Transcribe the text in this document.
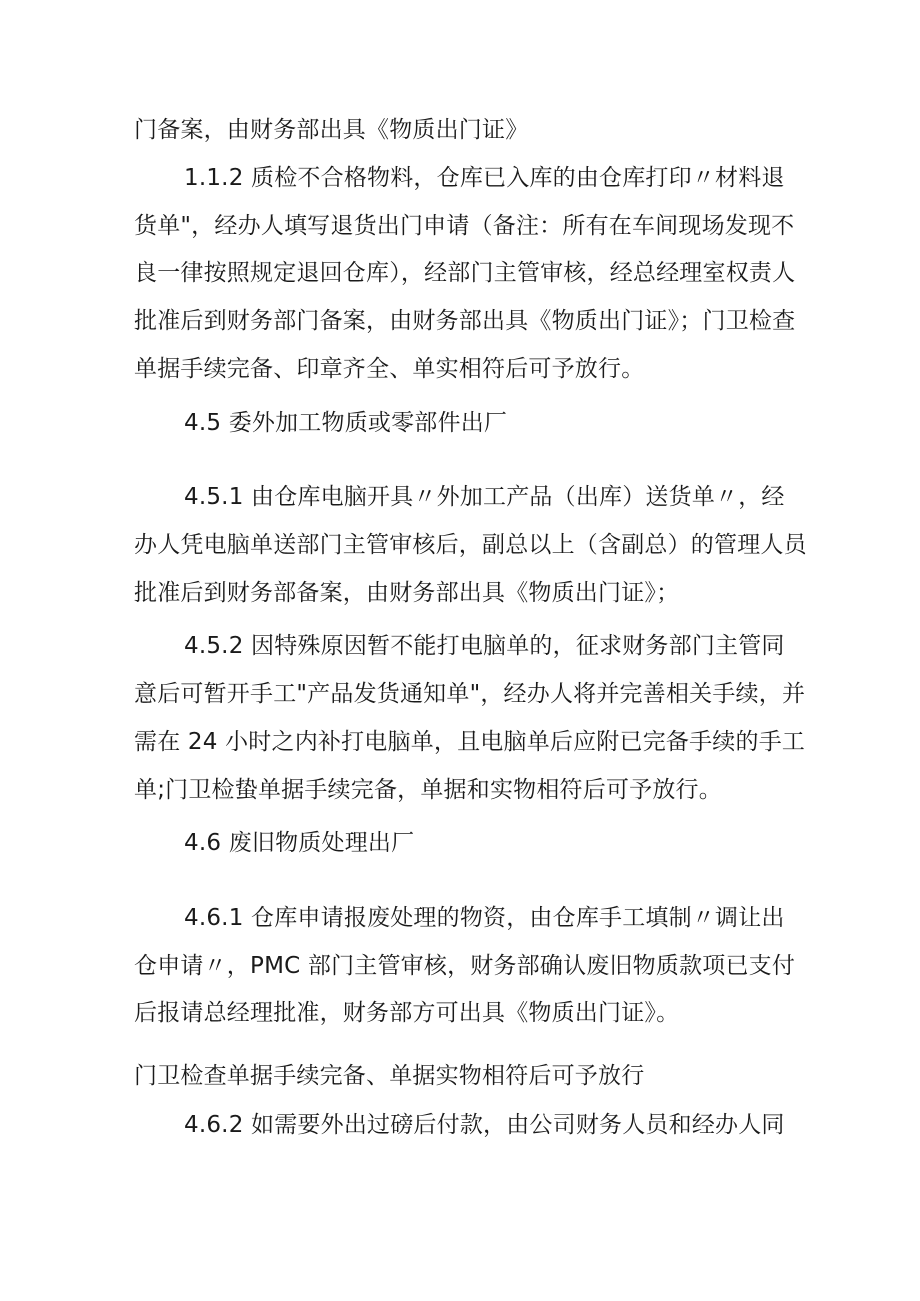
门备案，由财务部出具《物质出门证》
1.1.2 质检不合格物料，仓库已入库的由仓库打印〃材料退
货单"，经办人填写退货出门申请（备注：所有在车间现场发现不
良一律按照规定退回仓库），经部门主管审核，经总经理室权责人
批准后到财务部门备案，由财务部出具《物质出门证》；门卫检查
单据手续完备、印章齐全、单实相符后可予放行。
4.5 委外加工物质或零部件出厂
4.5.1 由仓库电脑开具〃外加工产品（出库）送货单〃，经
办人凭电脑单送部门主管审核后，副总以上（含副总）的管理人员
批准后到财务部备案，由财务部出具《物质出门证》；
4.5.2 因特殊原因暂不能打电脑单的，征求财务部门主管同
意后可暂开手工"产品发货通知单"，经办人将并完善相关手续，并
需在 24 小时之内补打电脑单，且电脑单后应附已完备手续的手工
单;门卫检蛰单据手续完备，单据和实物相符后可予放行。
4.6 废旧物质处理出厂
4.6.1 仓库申请报废处理的物资，由仓库手工填制〃调让出
仓申请〃，PMC 部门主管审核，财务部确认废旧物质款项已支付
后报请总经理批准，财务部方可出具《物质出门证》。
门卫检查单据手续完备、单据实物相符后可予放行
4.6.2 如需要外出过磅后付款，由公司财务人员和经办人同
